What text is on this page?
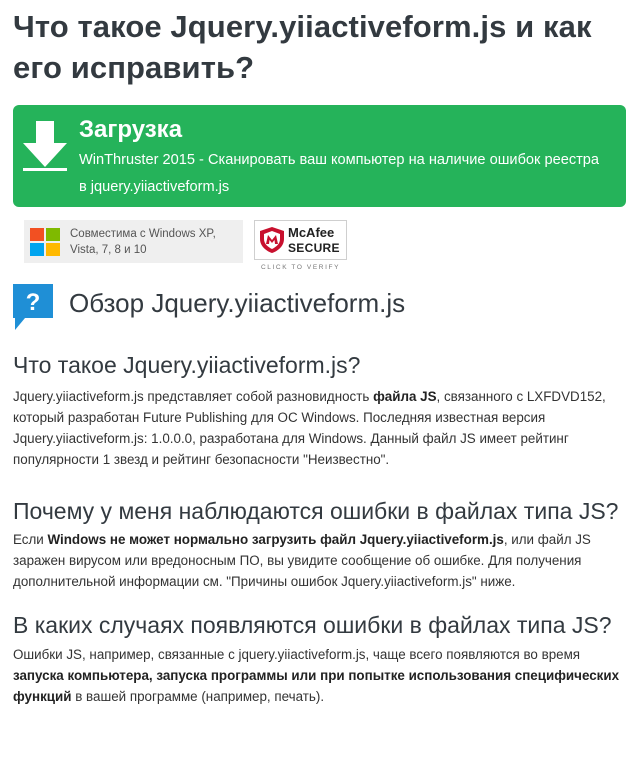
Что такое Jquery.yiiactiveform.js и как его исправить?
Загрузка
WinThruster 2015 - Сканировать ваш компьютер на наличие ошибок реестра в jquery.yiiactiveform.js
Совместима с Windows XP, Vista, 7, 8 и 10
McAfee
SECURE
CLICK TO VERIFY
? Обзор Jquery.yiiactiveform.js
Что такое Jquery.yiiactiveform.js?

Jquery.yiiactiveform.js представляет собой разновидность файла JS, связанного с LXFDVD152, который разработан Future Publishing для ОС Windows. Последняя известная версия Jquery.yiiactiveform.js: 1.0.0.0, разработана для Windows. Данный файл JS имеет рейтинг популярности 1 звезд и рейтинг безопасности "Неизвестно".

Почему у меня наблюдаются ошибки в файлах типа JS?

Если Windows не может нормально загрузить файл Jquery.yiiactiveform.js, или файл JS заражен вирусом или вредоносным ПО, вы увидите сообщение об ошибке. Для получения дополнительной информации см. "Причины ошибок Jquery.yiiactiveform.js" ниже.

В каких случаях появляются ошибки в файлах типа JS?

Ошибки JS, например, связанные с jquery.yiiactiveform.js, чаще всего появляются во время запуска компьютера, запуска программы или при попытке использования специфических функций в вашей программе (например, печать).
